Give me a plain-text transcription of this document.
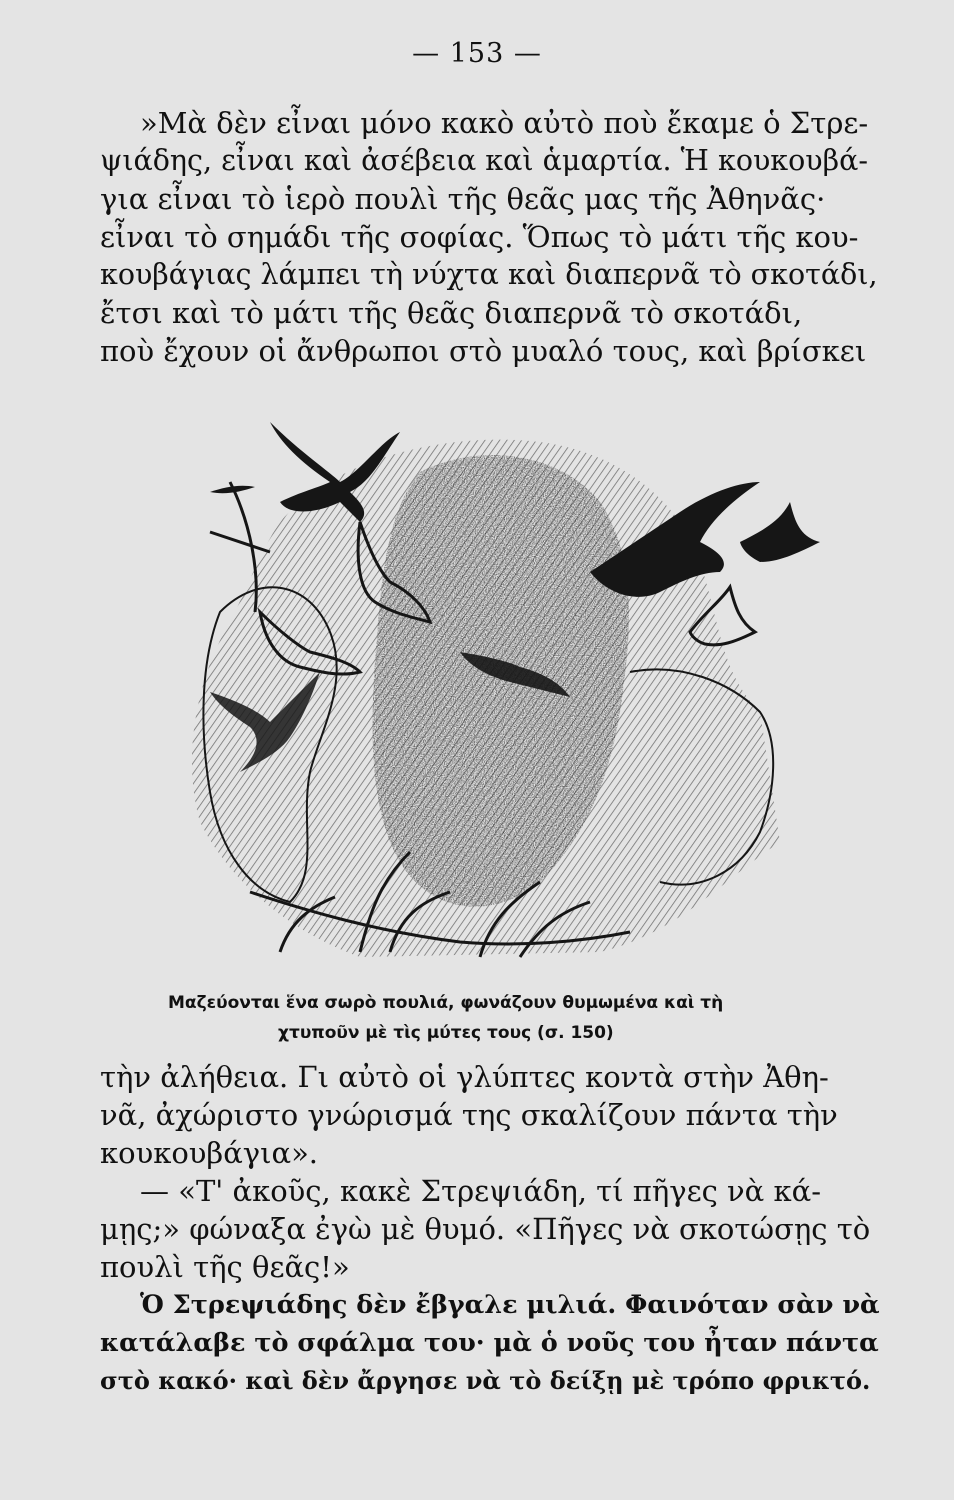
— 153 —
»Μὰ δὲν εἶναι μόνο κακὸ αὐτὸ ποὺ ἔκαμε ὁ Στρε-
ψιάδης, εἶναι καὶ ἀσέβεια καὶ ἁμαρτία. Ἡ κουκουβά-
για εἶναι τὸ ἱερὸ πουλὶ τῆς θεᾶς μας τῆς Ἀθηνᾶς·
εἶναι τὸ σημάδι τῆς σοφίας. Ὅπως τὸ μάτι τῆς κου-
κουβάγιας λάμπει τὴ νύχτα καὶ διαπερνᾶ τὸ σκοτάδι,
ἔτσι καὶ τὸ μάτι τῆς θεᾶς διαπερνᾶ τὸ σκοτάδι,
ποὺ ἔχουν οἱ ἄνθρωποι στὸ μυαλό τους, καὶ βρίσκει
Μαζεύονται ἕνα σωρὸ πουλιά, φωνάζουν θυμωμένα καὶ τὴ
χτυποῦν μὲ τὶς μύτες τους (σ. 150)
τὴν ἀλήθεια. Γι αὐτὸ οἱ γλύπτες κοντὰ στὴν Ἀθη-
νᾶ, ἀχώριστο γνώρισμά της σκαλίζουν πάντα τὴν
κουκουβάγια».
— «Τ' ἀκοῦς, κακὲ Στρεψιάδη, τί πῆγες νὰ κά-
μῃς;» φώναξα ἐγὼ μὲ θυμό. «Πῆγες νὰ σκοτώσῃς τὸ
πουλὶ τῆς θεᾶς!»
Ὁ Στρεψιάδης δὲν ἔβγαλε μιλιά. Φαινόταν σὰν νὰ
κατάλαβε τὸ σφάλμα του· μὰ ὁ νοῦς του ἦταν πάντα
στὸ κακό· καὶ δὲν ἄργησε νὰ τὸ δείξῃ μὲ τρόπο φρικτό.
